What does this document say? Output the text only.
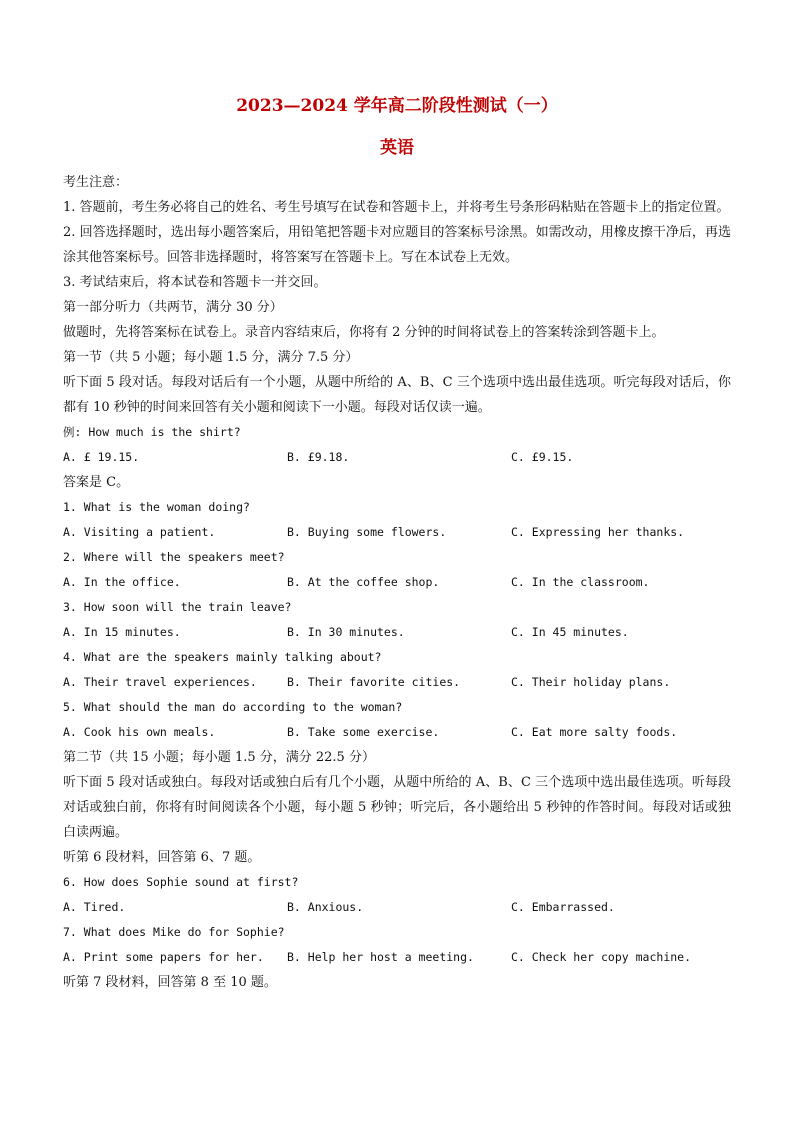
2023—2024 学年高二阶段性测试（一）

英语

考生注意：

1. 答题前，考生务必将自己的姓名、考生号填写在试卷和答题卡上，并将考生号条形码粘贴在答题卡上的指定位置。

2. 回答选择题时，选出每小题答案后，用铅笔把答题卡对应题目的答案标号涂黑。如需改动，用橡皮擦干净后，再选涂其他答案标号。回答非选择题时，将答案写在答题卡上。写在本试卷上无效。

3. 考试结束后，将本试卷和答题卡一并交回。

第一部分听力（共两节，满分 30 分）

做题时，先将答案标在试卷上。录音内容结束后，你将有 2 分钟的时间将试卷上的答案转涂到答题卡上。

第一节（共 5 小题；每小题 1.5 分，满分 7.5 分）

听下面 5 段对话。每段对话后有一个小题，从题中所给的 A、B、C 三个选项中选出最佳选项。听完每段对话后，你都有 10 秒钟的时间来回答有关小题和阅读下一小题。每段对话仅读一遍。

例: How much is the shirt?

A. £ 19.15.	B. £9.18.	C. £9.15.

答案是 C。

1. What is the woman doing?

A. Visiting a patient.	B. Buying some flowers.	C. Expressing her thanks.

2. Where will the speakers meet?

A. In the office.	B. At the coffee shop.	C. In the classroom.

3. How soon will the train leave?

A. In 15 minutes.	B. In 30 minutes.	C. In 45 minutes.

4. What are the speakers mainly talking about?

A. Their travel experiences.	B. Their favorite cities.	C. Their holiday plans.

5. What should the man do according to the woman?

A. Cook his own meals.	B. Take some exercise.	C. Eat more salty foods.

第二节（共 15 小题；每小题 1.5 分，满分 22.5 分）

听下面 5 段对话或独白。每段对话或独白后有几个小题，从题中所给的 A、B、C 三个选项中选出最佳选项。听每段对话或独白前，你将有时间阅读各个小题，每小题 5 秒钟；听完后，各小题给出 5 秒钟的作答时间。每段对话或独白读两遍。

听第 6 段材料，回答第 6、7 题。

6. How does Sophie sound at first?

A. Tired.	B. Anxious.	C. Embarrassed.

7. What does Mike do for Sophie?

A. Print some papers for her.	B. Help her host a meeting.	C. Check her copy machine.

听第 7 段材料，回答第 8 至 10 题。
